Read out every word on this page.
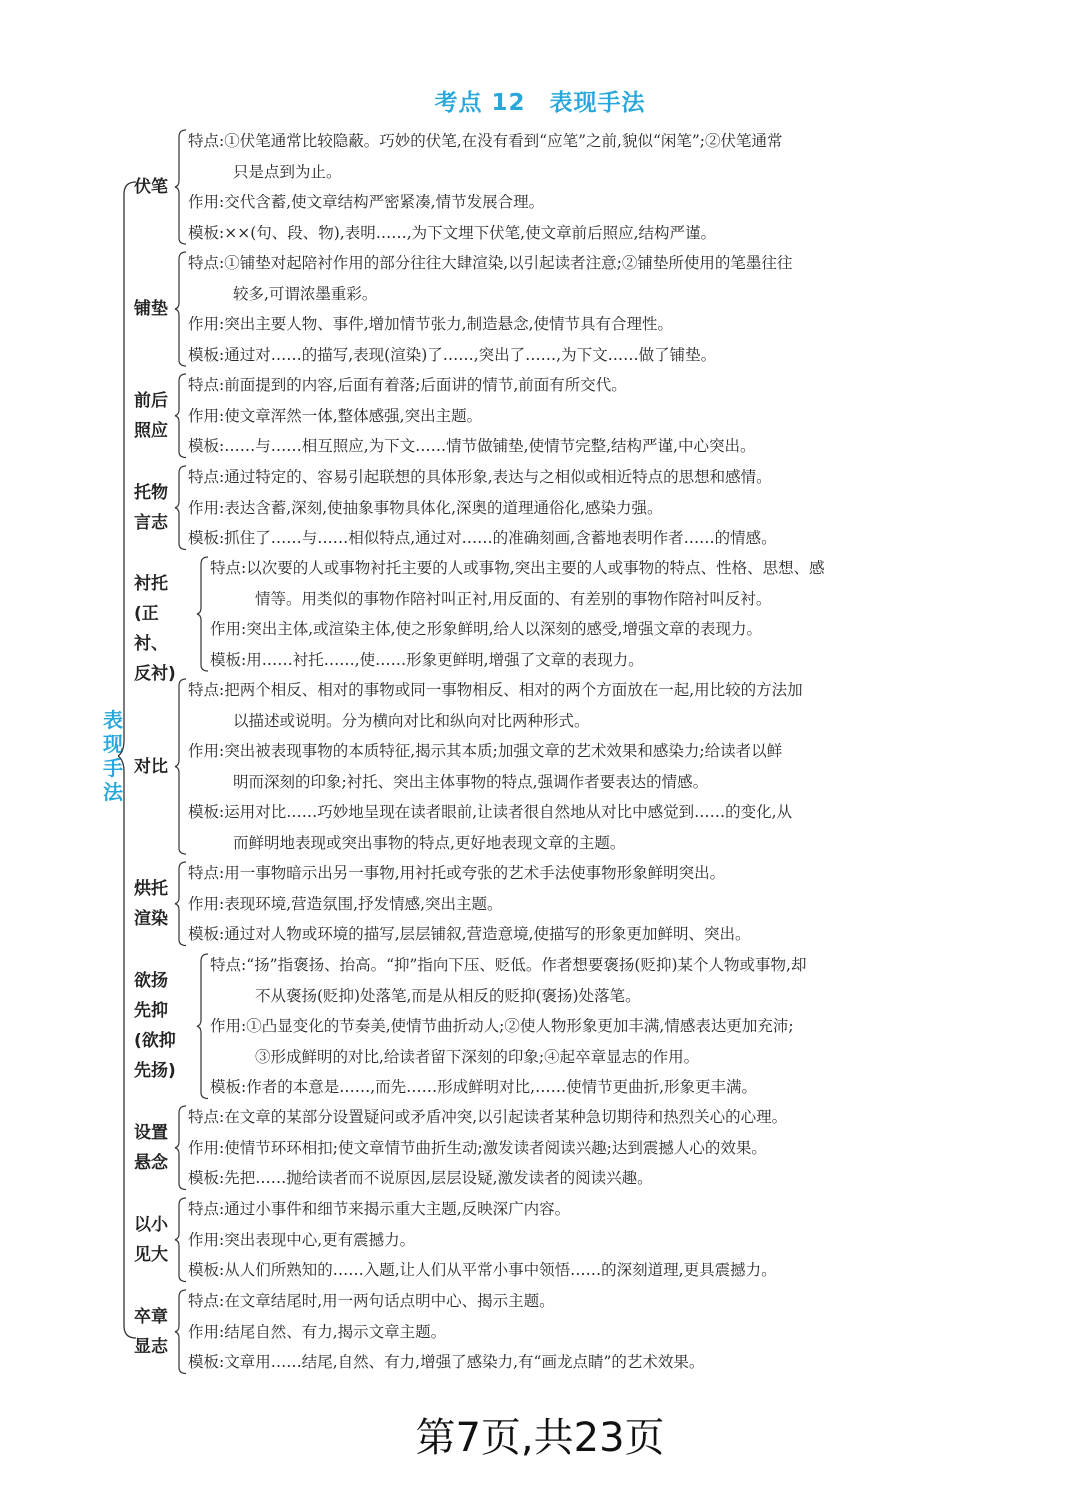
考点 12 表现手法
表现手法
伏笔
特点:①伏笔通常比较隐蔽。巧妙的伏笔,在没有看到“应笔”之前,貌似“闲笔”;②伏笔通常
只是点到为止。
作用:交代含蓄,使文章结构严密紧凑,情节发展合理。
模板:××(句、段、物),表明……,为下文埋下伏笔,使文章前后照应,结构严谨。
铺垫
特点:①铺垫对起陪衬作用的部分往往大肆渲染,以引起读者注意;②铺垫所使用的笔墨往往
较多,可谓浓墨重彩。
作用:突出主要人物、事件,增加情节张力,制造悬念,使情节具有合理性。
模板:通过对……的描写,表现(渲染)了……,突出了……,为下文……做了铺垫。
前后
照应
特点:前面提到的内容,后面有着落;后面讲的情节,前面有所交代。
作用:使文章浑然一体,整体感强,突出主题。
模板:……与……相互照应,为下文……情节做铺垫,使情节完整,结构严谨,中心突出。
托物
言志
特点:通过特定的、容易引起联想的具体形象,表达与之相似或相近特点的思想和感情。
作用:表达含蓄,深刻,使抽象事物具体化,深奥的道理通俗化,感染力强。
模板:抓住了……与……相似特点,通过对……的准确刻画,含蓄地表明作者……的情感。
衬托
(正衬、
反衬)
特点:以次要的人或事物衬托主要的人或事物,突出主要的人或事物的特点、性格、思想、感
情等。用类似的事物作陪衬叫正衬,用反面的、有差别的事物作陪衬叫反衬。
作用:突出主体,或渲染主体,使之形象鲜明,给人以深刻的感受,增强文章的表现力。
模板:用……衬托……,使……形象更鲜明,增强了文章的表现力。
对比
特点:把两个相反、相对的事物或同一事物相反、相对的两个方面放在一起,用比较的方法加
以描述或说明。分为横向对比和纵向对比两种形式。
作用:突出被表现事物的本质特征,揭示其本质;加强文章的艺术效果和感染力;给读者以鲜
明而深刻的印象;衬托、突出主体事物的特点,强调作者要表达的情感。
模板:运用对比……巧妙地呈现在读者眼前,让读者很自然地从对比中感觉到……的变化,从
而鲜明地表现或突出事物的特点,更好地表现文章的主题。
烘托
渲染
特点:用一事物暗示出另一事物,用衬托或夸张的艺术手法使事物形象鲜明突出。
作用:表现环境,营造氛围,抒发情感,突出主题。
模板:通过对人物或环境的描写,层层铺叙,营造意境,使描写的形象更加鲜明、突出。
欲扬
先抑
(欲抑
先扬)
特点:“扬”指褒扬、抬高。“抑”指向下压、贬低。作者想要褒扬(贬抑)某个人物或事物,却
不从褒扬(贬抑)处落笔,而是从相反的贬抑(褒扬)处落笔。
作用:①凸显变化的节奏美,使情节曲折动人;②使人物形象更加丰满,情感表达更加充沛;
③形成鲜明的对比,给读者留下深刻的印象;④起卒章显志的作用。
模板:作者的本意是……,而先……形成鲜明对比,……使情节更曲折,形象更丰满。
设置
悬念
特点:在文章的某部分设置疑问或矛盾冲突,以引起读者某种急切期待和热烈关心的心理。
作用:使情节环环相扣;使文章情节曲折生动;激发读者阅读兴趣;达到震撼人心的效果。
模板:先把……抛给读者而不说原因,层层设疑,激发读者的阅读兴趣。
以小
见大
特点:通过小事件和细节来揭示重大主题,反映深广内容。
作用:突出表现中心,更有震撼力。
模板:从人们所熟知的……入题,让人们从平常小事中领悟……的深刻道理,更具震撼力。
卒章
显志
特点:在文章结尾时,用一两句话点明中心、揭示主题。
作用:结尾自然、有力,揭示文章主题。
模板:文章用……结尾,自然、有力,增强了感染力,有“画龙点睛”的艺术效果。
第7页,共23页
